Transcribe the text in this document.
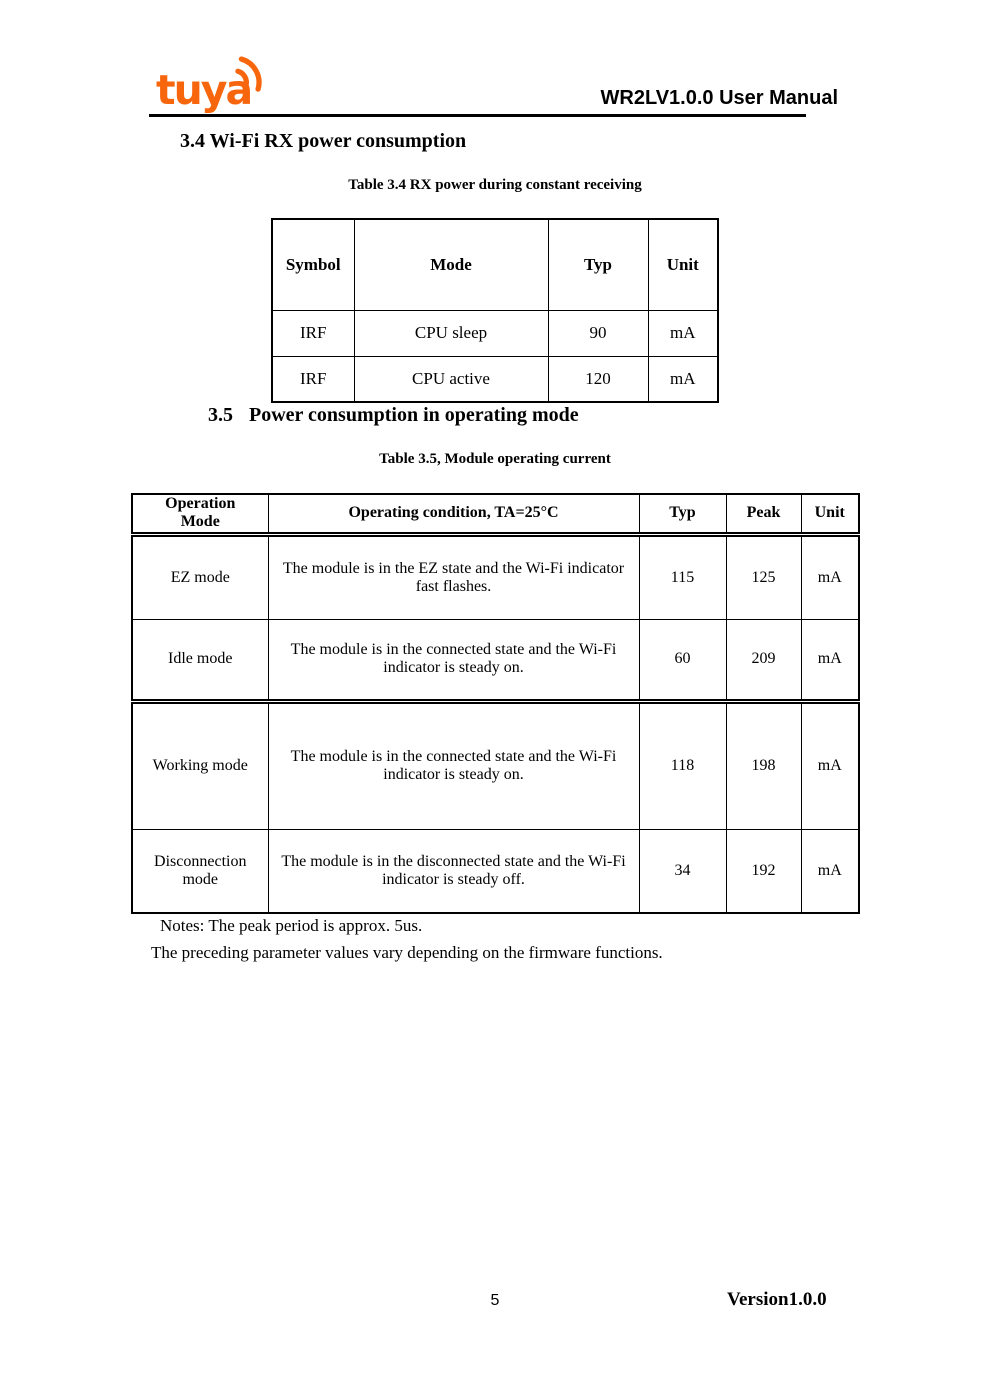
tuya	WR2LV1.0.0 User Manual
3.4 Wi-Fi RX power consumption
Table 3.4 RX power during constant receiving
Symbol	Mode	Typ	Unit
IRF	CPU sleep	90	mA
IRF	CPU active	120	mA
3.5 Power consumption in operating mode
Table 3.5, Module operating current
Operation Mode	Operating condition, TA=25°C	Typ	Peak	Unit
EZ mode	The module is in the EZ state and the Wi-Fi indicator fast flashes.	115	125	mA
Idle mode	The module is in the connected state and the Wi-Fi indicator is steady on.	60	209	mA
Working mode	The module is in the connected state and the Wi-Fi indicator is steady on.	118	198	mA
Disconnection mode	The module is in the disconnected state and the Wi-Fi indicator is steady off.	34	192	mA
Notes: The peak period is approx. 5us.
The preceding parameter values vary depending on the firmware functions.
5	Version1.0.0
